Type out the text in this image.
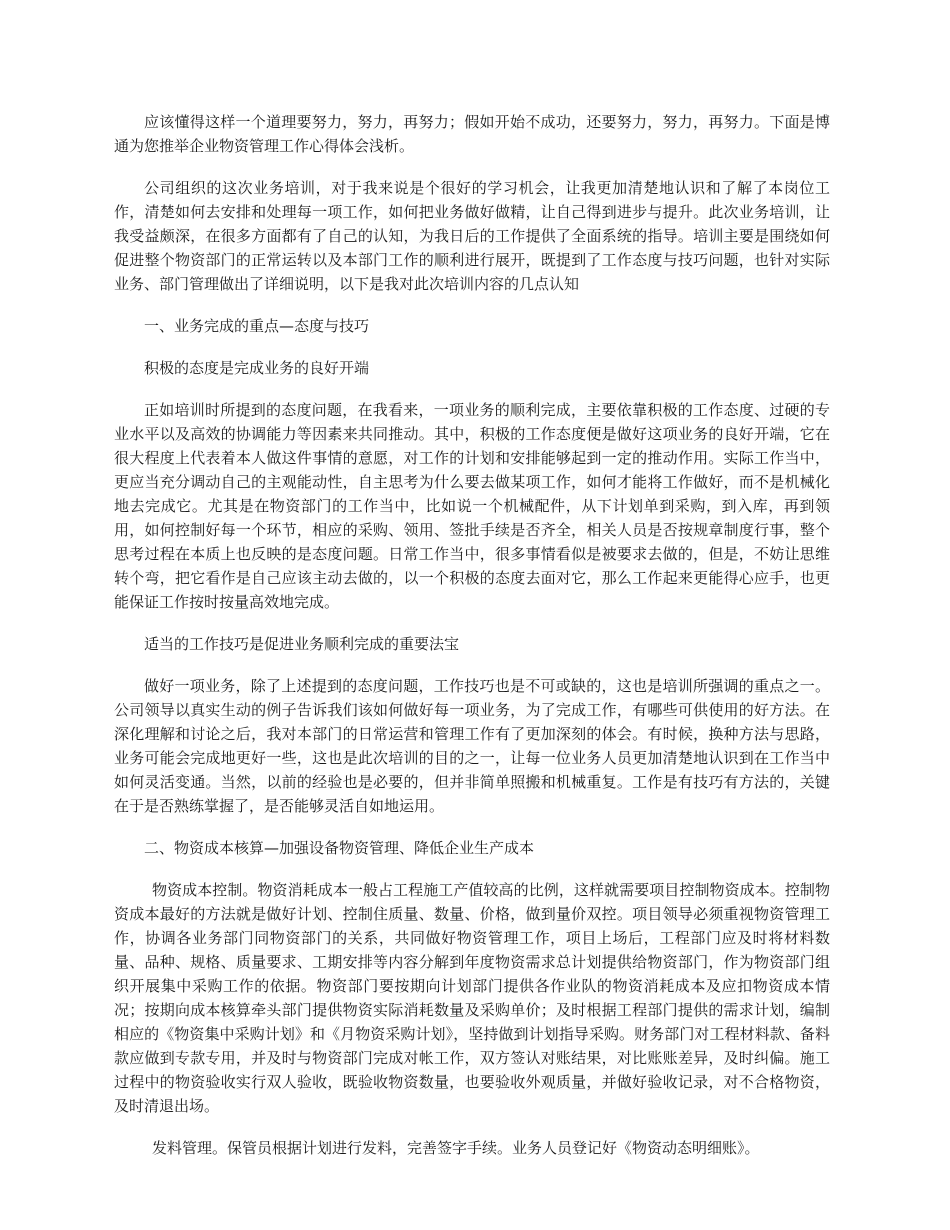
应该懂得这样一个道理要努力，努力，再努力；假如开始不成功，还要努力，努力，再努力。下面是博通为您推举企业物资管理工作心得体会浅析。

公司组织的这次业务培训，对于我来说是个很好的学习机会，让我更加清楚地认识和了解了本岗位工作，清楚如何去安排和处理每一项工作，如何把业务做好做精，让自己得到进步与提升。此次业务培训，让我受益颇深，在很多方面都有了自己的认知，为我日后的工作提供了全面系统的指导。培训主要是围绕如何促进整个物资部门的正常运转以及本部门工作的顺利进行展开，既提到了工作态度与技巧问题，也针对实际业务、部门管理做出了详细说明，以下是我对此次培训内容的几点认知

一、业务完成的重点—态度与技巧

积极的态度是完成业务的良好开端

正如培训时所提到的态度问题，在我看来，一项业务的顺利完成，主要依靠积极的工作态度、过硬的专业水平以及高效的协调能力等因素来共同推动。其中，积极的工作态度便是做好这项业务的良好开端，它在很大程度上代表着本人做这件事情的意愿，对工作的计划和安排能够起到一定的推动作用。实际工作当中，更应当充分调动自己的主观能动性，自主思考为什么要去做某项工作，如何才能将工作做好，而不是机械化地去完成它。尤其是在物资部门的工作当中，比如说一个机械配件，从下计划单到采购，到入库，再到领用，如何控制好每一个环节，相应的采购、领用、签批手续是否齐全，相关人员是否按规章制度行事，整个思考过程在本质上也反映的是态度问题。日常工作当中，很多事情看似是被要求去做的，但是，不妨让思维转个弯，把它看作是自己应该主动去做的，以一个积极的态度去面对它，那么工作起来更能得心应手，也更能保证工作按时按量高效地完成。

适当的工作技巧是促进业务顺利完成的重要法宝

做好一项业务，除了上述提到的态度问题，工作技巧也是不可或缺的，这也是培训所强调的重点之一。公司领导以真实生动的例子告诉我们该如何做好每一项业务，为了完成工作，有哪些可供使用的好方法。在深化理解和讨论之后，我对本部门的日常运营和管理工作有了更加深刻的体会。有时候，换种方法与思路，业务可能会完成地更好一些，这也是此次培训的目的之一，让每一位业务人员更加清楚地认识到在工作当中如何灵活变通。当然，以前的经验也是必要的，但并非简单照搬和机械重复。工作是有技巧有方法的，关键在于是否熟练掌握了，是否能够灵活自如地运用。

二、物资成本核算—加强设备物资管理、降低企业生产成本

物资成本控制。物资消耗成本一般占工程施工产值较高的比例，这样就需要项目控制物资成本。控制物资成本最好的方法就是做好计划、控制住质量、数量、价格，做到量价双控。项目领导必须重视物资管理工作，协调各业务部门同物资部门的关系，共同做好物资管理工作，项目上场后，工程部门应及时将材料数量、品种、规格、质量要求、工期安排等内容分解到年度物资需求总计划提供给物资部门，作为物资部门组织开展集中采购工作的依据。物资部门要按期向计划部门提供各作业队的物资消耗成本及应扣物资成本情况；按期向成本核算牵头部门提供物资实际消耗数量及采购单价；及时根据工程部门提供的需求计划，编制相应的《物资集中采购计划》和《月物资采购计划》，坚持做到计划指导采购。财务部门对工程材料款、备料款应做到专款专用，并及时与物资部门完成对帐工作，双方签认对账结果，对比账账差异，及时纠偏。施工过程中的物资验收实行双人验收，既验收物资数量，也要验收外观质量，并做好验收记录，对不合格物资，及时清退出场。

发料管理。保管员根据计划进行发料，完善签字手续。业务人员登记好《物资动态明细账》。
